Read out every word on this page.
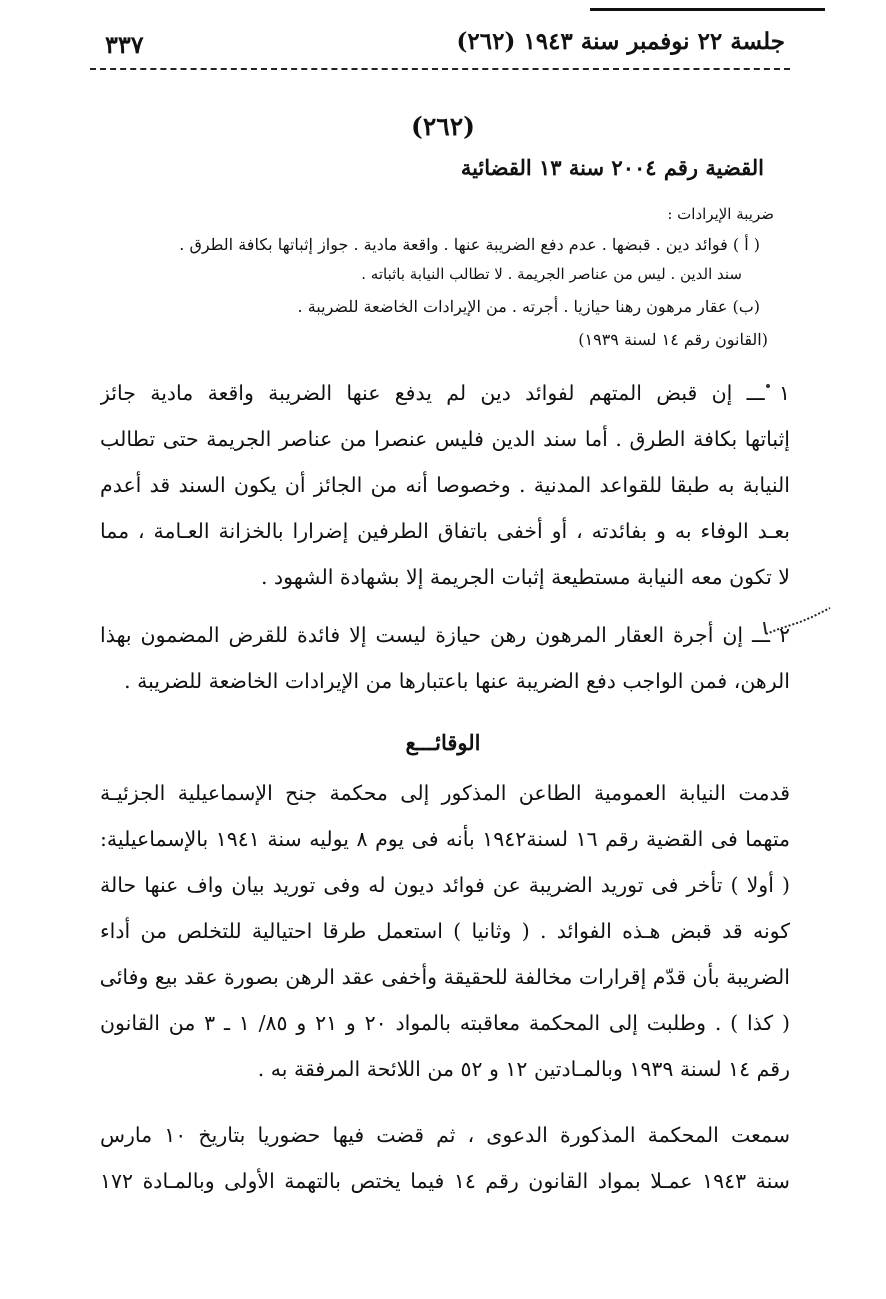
جلسة ٢٢ نوفمبر سنة ١٩٤٣ (٢٦٢)
٣٣٧
(٢٦٢)
القضية رقم ٢٠٠٤ سنة ١٣ القضائية
ضريبة الإيرادات :
( أ ) فوائد دين . قبضها . عدم دفع الضريبة عنها . واقعة مادية . جواز إثباتها بكافة الطرق .
سند الدين . ليس من عناصر الجريمة . لا تطالب النيابة باثباته .
(ب) عقار مرهون رهنا حيازيا . أجرته . من الإيرادات الخاضعة للضريبة .
(القانون رقم ١٤ لسنة ١٩٣٩)
١ ـــ إن قبض المتهم لفوائد دين لم يدفع عنها الضريبة واقعة مادية جائز
إثباتها بكافة الطرق . أما سند الدين فليس عنصرا من عناصر الجريمة حتى تطالب
النيابة به طبقا للقواعد المدنية . وخصوصا أنه من الجائز أن يكون السند قد أعدم
بعـد الوفاء به و بفائدته ، أو أخفى باتفاق الطرفين إضرارا بالخزانة العـامة ، مما
لا تكون معه النيابة مستطيعة إثبات الجريمة إلا بشهادة الشهود .
٢ ـــ إن أجرة العقار المرهون رهن حيازة ليست إلا فائدة للقرض المضمون بهذا
الرهن، فمن الواجب دفع الضريبة عنها باعتبارها من الإيرادات الخاضعة للضريبة .
الوقائـــع
قدمت النيابة العمومية الطاعن المذكور إلى محكمة جنح الإسماعيلية الجزئيـة
متهما فى القضية رقم ١٦ لسنة١٩٤٢ بأنه فى يوم ٨ يوليه سنة ١٩٤١ بالإسماعيلية:
( أولا ) تأخر فى توريد الضريبة عن فوائد ديون له وفى توريد بيان واف عنها حالة
كونه قد قبض هـذه الفوائد . ( وثانيا ) استعمل طرقا احتيالية للتخلص من أداء
الضريبة بأن قدّم إقرارات مخالفة للحقيقة وأخفى عقد الرهن بصورة عقد بيع وفائى
( كذا ) . وطلبت إلى المحكمة معاقبته بالمواد ٢٠ و ٢١ و ٨٥/ ١ ـ ٣ من القانون
رقم ١٤ لسنة ١٩٣٩ وبالمـادتين ١٢ و ٥٢ من اللائحة المرفقة به .
سمعت المحكمة المذكورة الدعوى ، ثم قضت فيها حضوريا بتاريخ ١٠ مارس
سنة ١٩٤٣ عمـلا بمواد القانون رقم ١٤ فيما يختص بالتهمة الأولى وبالمـادة ١٧٢
